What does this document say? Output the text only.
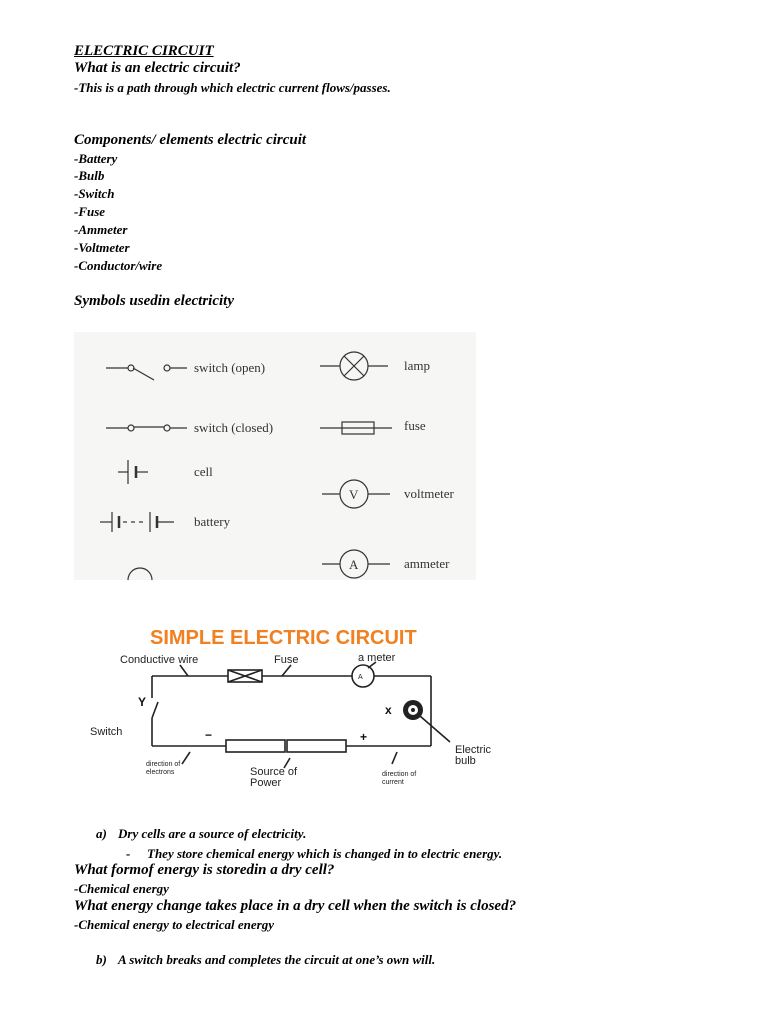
ELECTRIC CIRCUIT
What is an electric circuit?
-This is a path through which electric current flows/passes.
Components/ elements electric circuit
-Battery
-Bulb
-Switch
-Fuse
-Ammeter
-Voltmeter
-Conductor/wire
Symbols usedin electricity
switch (open)
switch (closed)
cell
battery
lamp
fuse
V	voltmeter
A	ammeter
SIMPLE ELECTRIC CIRCUIT
Conductive wire	Fuse	a meter
Y
x
Switch	−	+
Electric
bulb
direction of
electrons	Source of
Power
direction of
current
A
a) Dry cells are a source of electricity.
- They store chemical energy which is changed in to electric energy.
What formof energy is storedin a dry cell?
-Chemical energy
What energy change takes place in a dry cell when the switch is closed?
-Chemical energy to electrical energy
b) A switch breaks and completes the circuit at one’s own will.
